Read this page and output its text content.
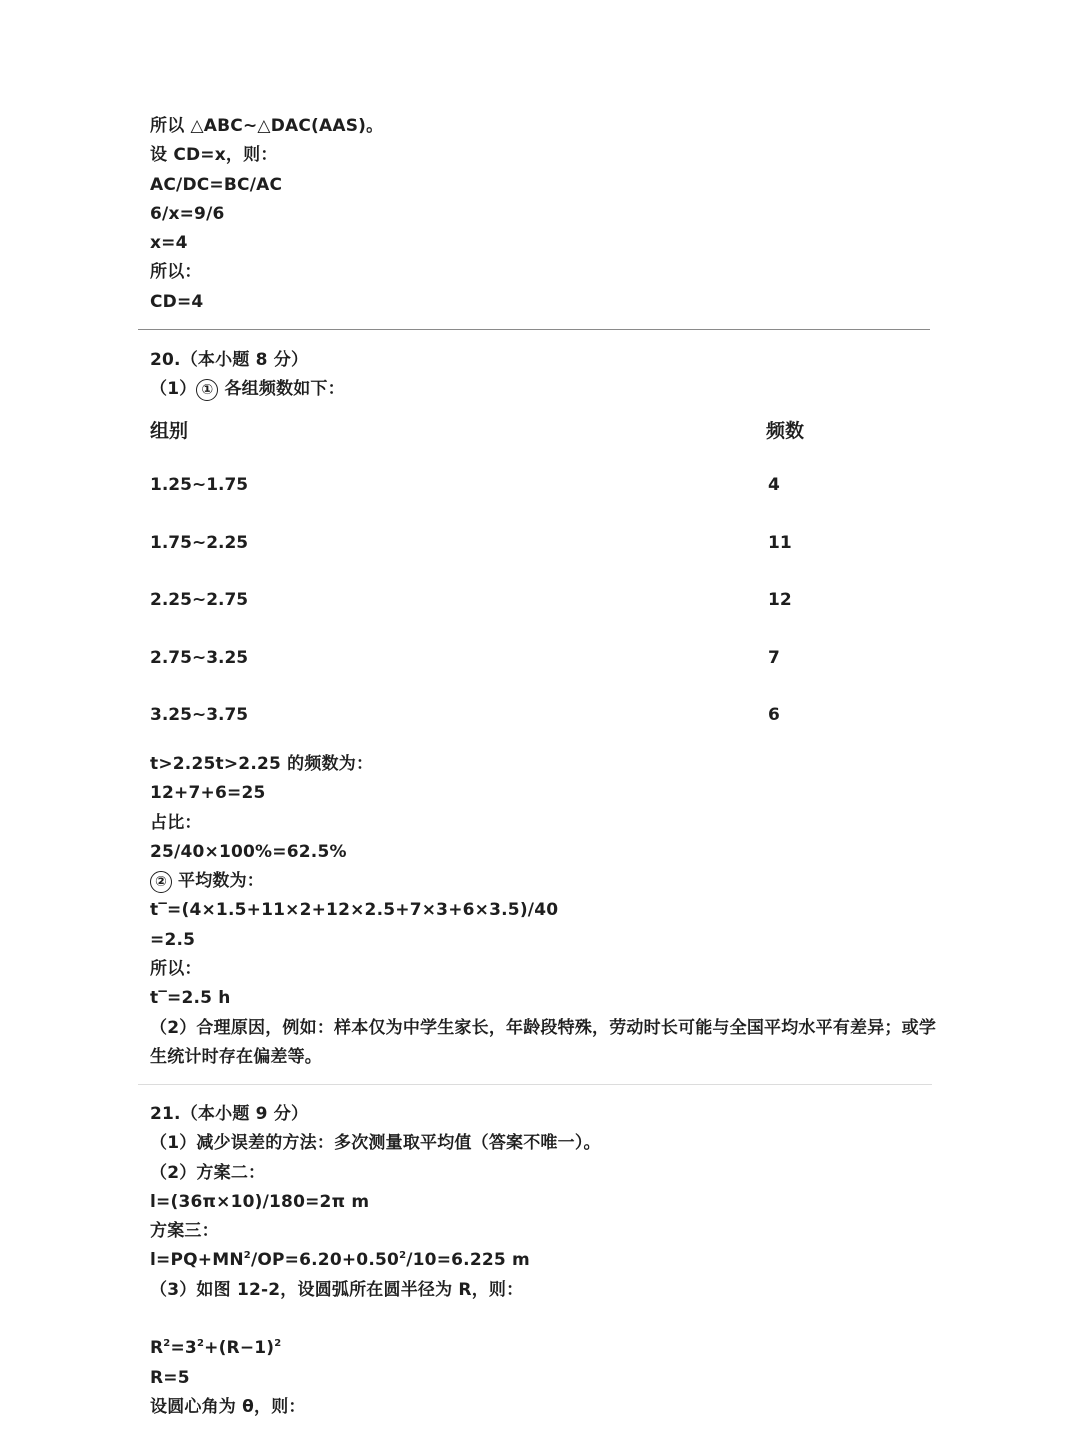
所以 △ABC~△DAC(AAS)。
设 CD=x，则：
AC/DC=BC/AC
6/x=9/6
x=4
所以：
CD=4
20.（本小题 8 分）
（1） ① 各组频数如下：
组别	频数
1.25~1.75	4
1.75~2.25	11
2.25~2.75	12
2.75~3.25	7
3.25~3.75	6
t>2.25t>2.25 的频数为：
12+7+6=25
占比：
25/40×100%=62.5%
② 平均数为：
t‾=(4×1.5+11×2+12×2.5+7×3+6×3.5)/40
=2.5
所以：
t‾=2.5 h
（2）合理原因，例如：样本仅为中学生家长，年龄段特殊，劳动时长可能与全国平均水平有差异；或学生统计时存在偏差等。
21.（本小题 9 分）
（1）减少误差的方法：多次测量取平均值（答案不唯一）。
（2）方案二：
l=(36π×10)/180=2π m
方案三：
$l=PQ+MN^2/OP=6.20+0.50^2/10=6.225$ m
（3）如图 12-2，设圆弧所在圆半径为 R，则：
$R^2=3^2+(R-1)^2$
R=5
设圆心角为 θ，则：
